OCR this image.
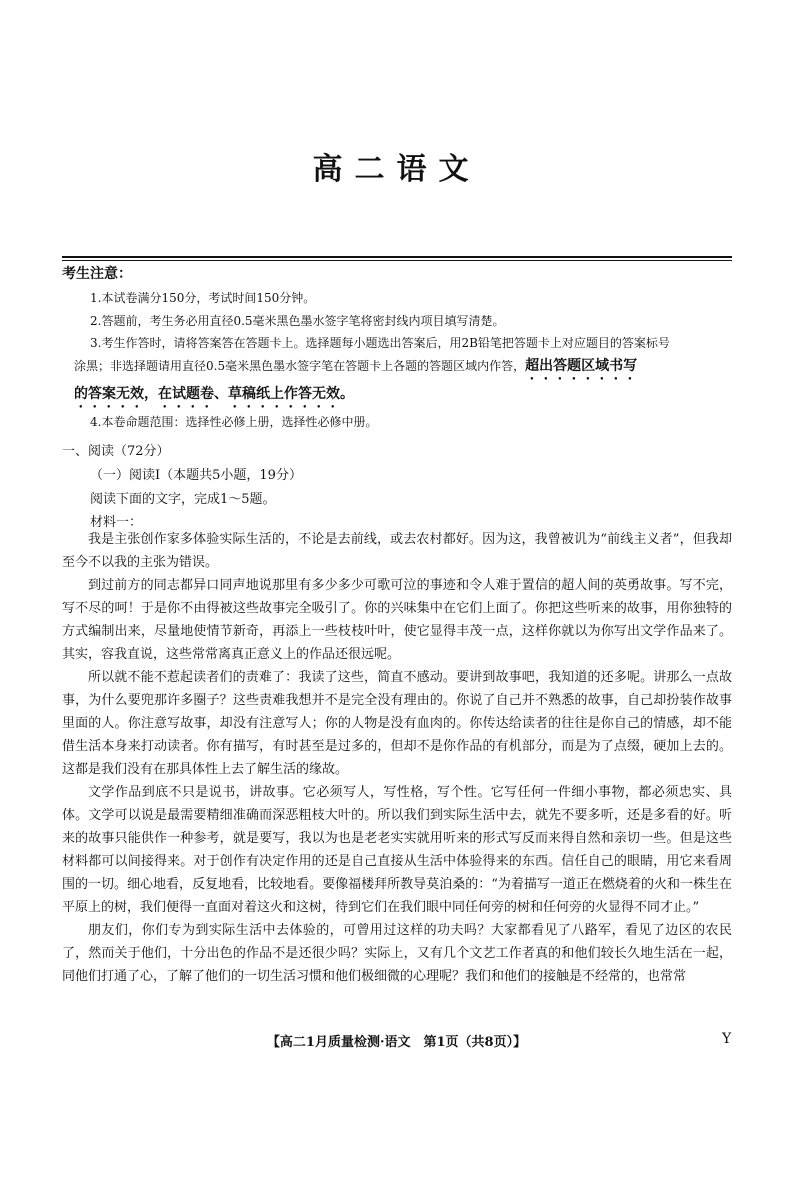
高二语文
考生注意：
1.本试卷满分150分，考试时间150分钟。
2.答题前，考生务必用直径0.5毫米黑色墨水签字笔将密封线内项目填写清楚。
3.考生作答时，请将答案答在答题卡上。选择题每小题选出答案后，用2B铅笔把答题卡上对应题目的答案标号
涂黑；非选择题请用直径0.5毫米黑色墨水签字笔在答题卡上各题的答题区域内作答，超出答题区域书写
的答案无效，在试题卷、草稿纸上作答无效。
4.本卷命题范围：选择性必修上册，选择性必修中册。
一、阅读（72分）
（一）阅读Ⅰ（本题共5小题，19分）
阅读下面的文字，完成1～5题。
材料一：

我是主张创作家多体验实际生活的，不论是去前线，或去农村都好。因为这，我曾被讥为“前线主义者”，但我却至今不以我的主张为错误。

到过前方的同志都异口同声地说那里有多少多少可歌可泣的事迹和令人难于置信的超人间的英勇故事。写不完，写不尽的呵！于是你不由得被这些故事完全吸引了。你的兴味集中在它们上面了。你把这些听来的故事，用你独特的方式编制出来，尽量地使情节新奇，再添上一些枝枝叶叶，使它显得丰茂一点，这样你就以为你写出文学作品来了。其实，容我直说，这些常常离真正意义上的作品还很远呢。

所以就不能不惹起读者们的责难了：我读了这些，简直不感动。要讲到故事吧，我知道的还多呢。讲那么一点故事，为什么要兜那许多圈子？这些责难我想并不是完全没有理由的。你说了自己并不熟悉的故事，自己却扮装作故事里面的人。你注意写故事，却没有注意写人；你的人物是没有血肉的。你传达给读者的往往是你自己的情感，却不能借生活本身来打动读者。你有描写，有时甚至是过多的，但却不是你作品的有机部分，而是为了点缀，硬加上去的。这都是我们没有在那具体性上去了解生活的缘故。

文学作品到底不只是说书，讲故事。它必须写人，写性格，写个性。它写任何一件细小事物，都必须忠实、具体。文学可以说是最需要精细准确而深恶粗枝大叶的。所以我们到实际生活中去，就先不要多听，还是多看的好。听来的故事只能供作一种参考，就是要写，我以为也是老老实实就用听来的形式写反而来得自然和亲切一些。但是这些材料都可以间接得来。对于创作有决定作用的还是自己直接从生活中体验得来的东西。信任自己的眼睛，用它来看周围的一切。细心地看，反复地看，比较地看。要像福楼拜所教导莫泊桑的：“为着描写一道正在燃烧着的火和一株生在平原上的树，我们便得一直面对着这火和这树，待到它们在我们眼中同任何旁的树和任何旁的火显得不同才止。”

朋友们，你们专为到实际生活中去体验的，可曾用过这样的功夫吗？大家都看见了八路军，看见了边区的农民了，然而关于他们，十分出色的作品不是还很少吗？实际上，又有几个文艺工作者真的和他们较长久地生活在一起，同他们打通了心，了解了他们的一切生活习惯和他们极细微的心理呢？我们和他们的接触是不经常的，也常常

【高二1月质量检测·语文　第1页（共8页）】	Y
